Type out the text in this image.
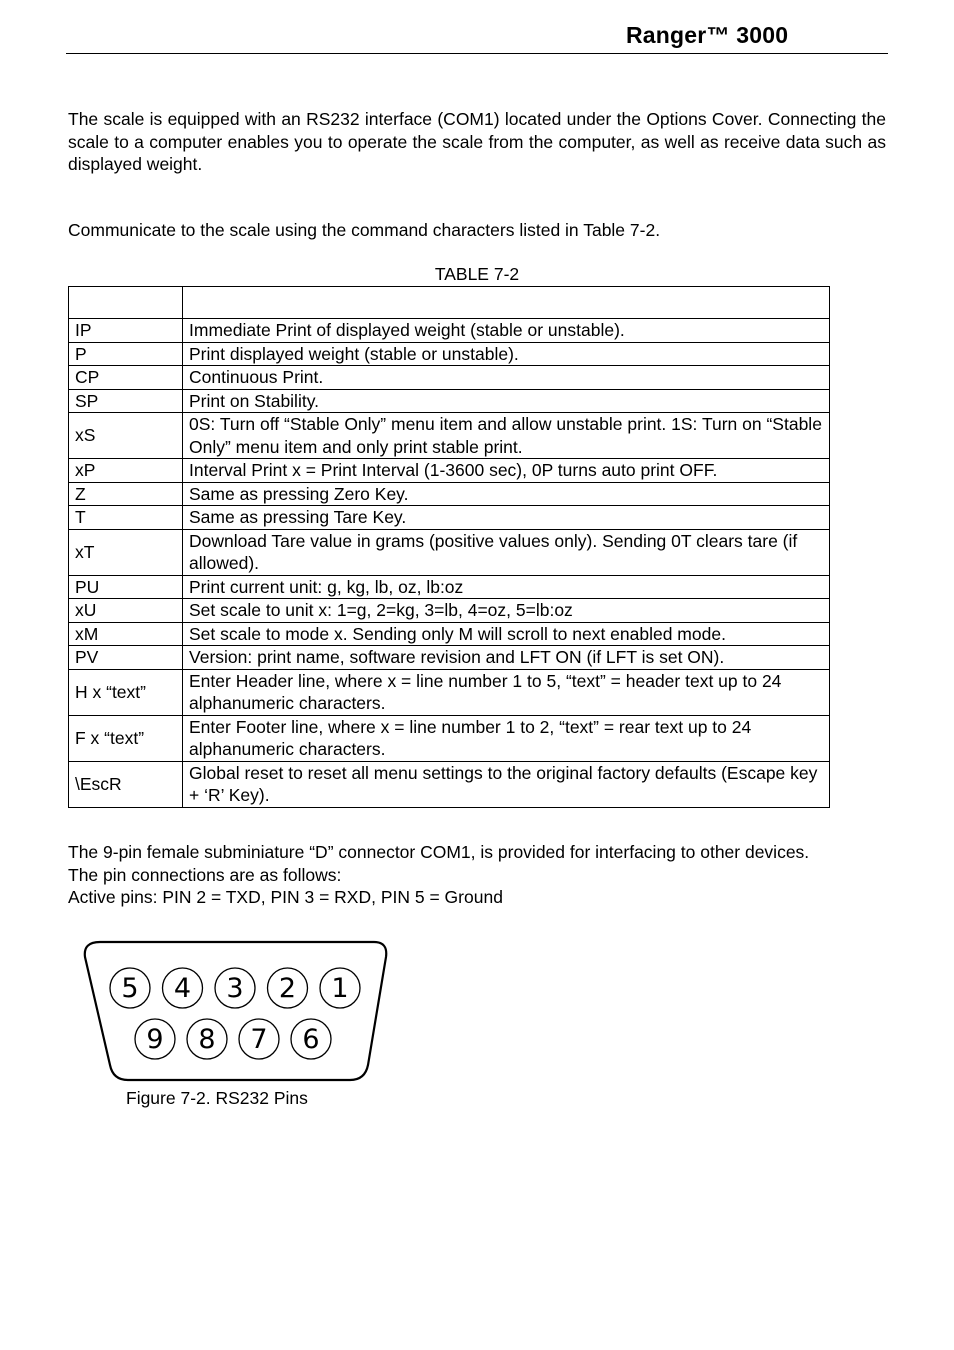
Ranger™ 3000
The scale is equipped with an RS232 interface (COM1) located under the Options Cover. Connecting the scale to a computer enables you to operate the scale from the computer, as well as receive data such as displayed weight.
Communicate to the scale using the command characters listed in Table 7-2.
TABLE 7-2

IP	Immediate Print of displayed weight (stable or unstable).
P	Print displayed weight (stable or unstable).
CP	Continuous Print.
SP	Print on Stability.
xS	0S: Turn off “Stable Only” menu item and allow unstable print. 1S: Turn on “Stable Only” menu item and only print stable print.
xP	Interval Print x = Print Interval (1-3600 sec), 0P turns auto print OFF.
Z	Same as pressing Zero Key.
T	Same as pressing Tare Key.
xT	Download Tare value in grams (positive values only). Sending 0T clears tare (if allowed).
PU	Print current unit: g, kg, lb, oz, lb:oz
xU	Set scale to unit x: 1=g, 2=kg, 3=lb, 4=oz, 5=lb:oz
xM	Set scale to mode x. Sending only M will scroll to next enabled mode.
PV	Version: print name, software revision and LFT ON (if LFT is set ON).
H x “text”	Enter Header line, where x = line number 1 to 5, “text” = header text up to 24 alphanumeric characters.
F x “text”	Enter Footer line, where x = line number 1 to 2, “text” = rear text up to 24 alphanumeric characters.
\EscR	Global reset to reset all menu settings to the original factory defaults (Escape key + ‘R’ Key).
The 9-pin female subminiature “D” connector COM1, is provided for interfacing to other devices.
The pin connections are as follows:
Active pins: PIN 2 = TXD, PIN 3 = RXD, PIN 5 = Ground
5 4 3 2 1
9 8 7 6
Figure 7-2. RS232 Pins
